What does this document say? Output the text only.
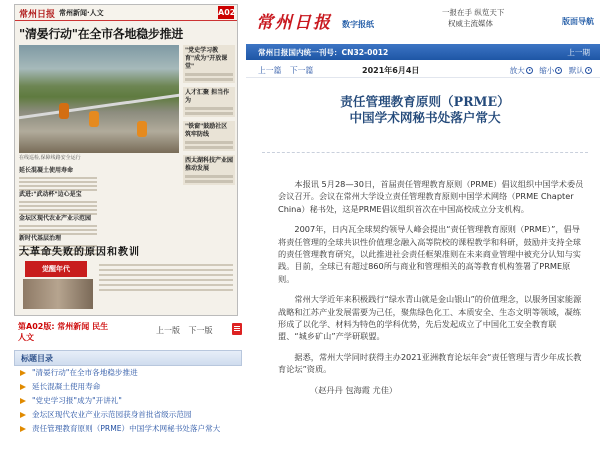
常州日报 常州新闻·人文	A02
"清晏行动"在全市各地稳步推进
在线巡检,保障线路安全运行
"党史学习教育"成为"开放课堂"
人才汇聚 担当作为
"铁窗"鼓励社区 筑牢防线
西太湖科技产业园 推动发展
延长混凝土使用寿命

武进:"武动杯"边心是宝

金坛区现代农业产业示范园

新时代基层治理
大革命失败的原因和教训
觉醒年代
第A02版: 常州新闻 民生人文
上一版 下一版
标题目录
"清晏行动"在全市各地稳步推进
延长混凝土使用寿命
"党史学习报"成为"开讲礼"
金坛区现代农业产业示范园获身首批省级示范园
责任管理教育原则（PRME）中国学术网秘书处落户常大
常州日报 数字报纸
一报在手 纵览天下
权威主流媒体	版面导航
常州日报国内统一刊号：CN32-0012	上一期
上一篇 下一篇	2021年6月4日	放大 缩小 默认
责任管理教育原则（PRME）
中国学术网秘书处落户常大

本报讯 5月28—30日，首届责任管理教育原则（PRME）倡议组织中国学术委员会议召开。会议在常州大学设立责任管理教育原则中国学术网络（PRME Chapter China）秘书处，这是PRME倡议组织首次在中国高校成立分支机构。

2007年，日内瓦全球契约领导人峰会提出“责任管理教育原则（PRME）”，倡导将责任管理的全球共识性价值理念融入高等院校的课程教学和科研，鼓励并支持全球的责任管理教育研究，以此推进社会责任框架准则在未来商业管理中被充分认知与实践。目前，全球已有超过860所与商业和管理相关的高等教育机构签署了PRME原则。

常州大学近年来积极践行“绿水青山就是金山银山”的价值理念，以服务国家能源战略和江苏产业发展需要为己任，聚焦绿色化工、本质安全、生态文明等领域，凝练形成了以化学、材料为特色的学科优势，先后发起成立了中国化工安全教育联盟、“城乡矿山”产学研联盟。

据悉，常州大学同时获得主办2021亚洲教育论坛年会“责任管理与青少年成长教育论坛”资质。

（赵丹丹 包海霞 尤佳）
